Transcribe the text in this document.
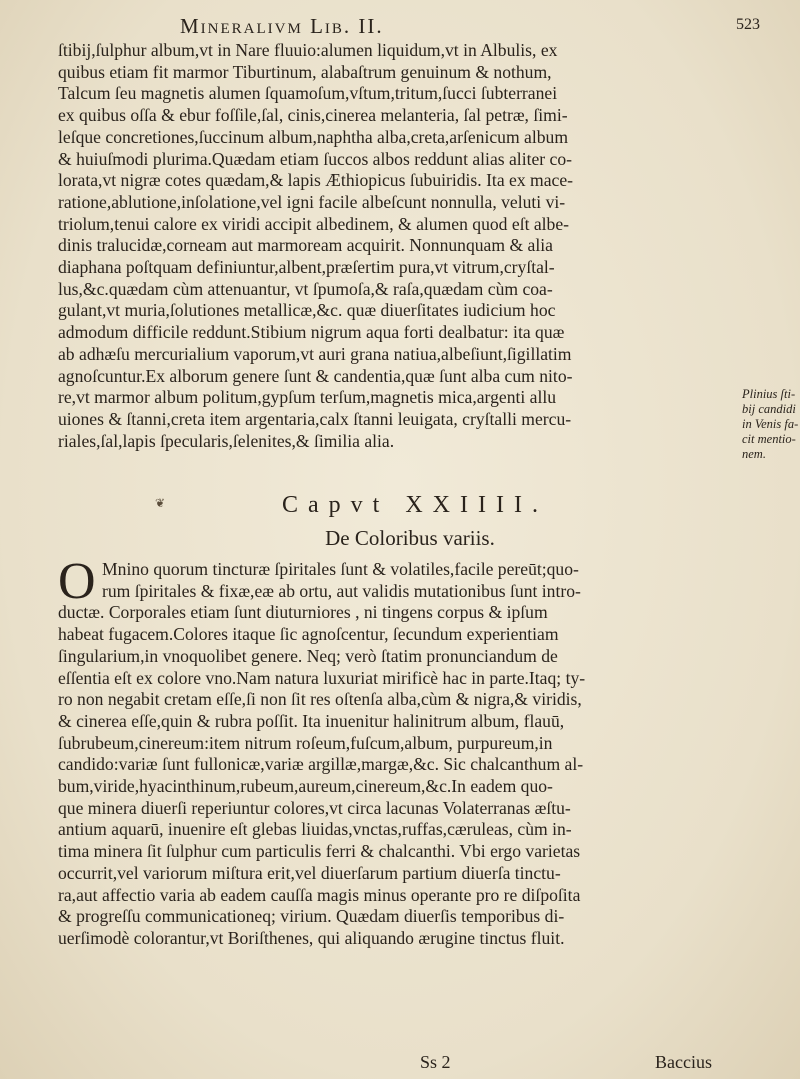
Mineralivm Lib. II.	523
ſtibij,ſulphur album,vt in Nare fluuio:alumen liquidum,vt in Albulis, ex
quibus etiam fit marmor Tiburtinum, alabaſtrum genuinum & nothum,
Talcum ſeu magnetis alumen ſquamoſum,vſtum,tritum,ſucci ſubterranei
ex quibus oſſa & ebur foſſile,ſal, cinis,cinerea melanteria, ſal petræ, ſimi-
leſque concretiones,ſuccinum album,naphtha alba,creta,arſenicum album
& huiuſmodi plurima.Quædam etiam ſuccos albos reddunt alias aliter co-
lorata,vt nigræ cotes quædam,& lapis Æthiopicus ſubuiridis. Ita ex mace-
ratione,ablutione,inſolatione,vel igni facile albeſcunt nonnulla, veluti vi-
triolum,tenui calore ex viridi accipit albedinem, & alumen quod eſt albe-
dinis tralucidæ,corneam aut marmoream acquirit. Nonnunquam & alia
diaphana poſtquam definiuntur,albent,præſertim pura,vt vitrum,cryſtal-
lus,&c.quædam cùm attenuantur, vt ſpumoſa,& raſa,quædam cùm coa-
gulant,vt muria,ſolutiones metallicæ,&c. quæ diuerſitates iudicium hoc
admodum difficile reddunt.Stibium nigrum aqua forti dealbatur: ita quæ
ab adhæſu mercurialium vaporum,vt auri grana natiua,albeſiunt,ſigillatim
agnoſcuntur.Ex alborum genere ſunt & candentia,quæ ſunt alba cum nito-
re,vt marmor album politum,gypſum terſum,magnetis mica,argenti allu
uiones & ſtanni,creta item argentaria,calx ſtanni leuigata, cryſtalli mercu-
riales,ſal,lapis ſpecularis,ſelenites,& ſimilia alia.
Plinius ſti-
bij candidi
in Venis fa-
cit mentio-
nem.
❦	Capvt XXIIII.
De Coloribus variis.
O Mnino quorum tincturæ ſpiritales ſunt & volatiles,facile pereūt;quo-
rum ſpiritales & fixæ,eæ ab ortu, aut validis mutationibus ſunt intro-
ductæ. Corporales etiam ſunt diuturniores , ni tingens corpus & ipſum
habeat fugacem.Colores itaque ſic agnoſcentur, ſecundum experientiam
ſingularium,in vnoquolibet genere. Neq; verò ſtatim pronunciandum de
eſſentia eſt ex colore vno.Nam natura luxuriat mirificè hac in parte.Itaq; ty-
ro non negabit cretam eſſe,ſi non ſit res oſtenſa alba,cùm & nigra,& viridis,
& cinerea eſſe,quin & rubra poſſit. Ita inuenitur halinitrum album, flauū,
ſubrubeum,cinereum:item nitrum roſeum,fuſcum,album, purpureum,in
candido:variæ ſunt fullonicæ,variæ argillæ,margæ,&c. Sic chalcanthum al-
bum,viride,hyacinthinum,rubeum,aureum,cinereum,&c.In eadem quo-
que minera diuerſi reperiuntur colores,vt circa lacunas Volaterranas æſtu-
antium aquarū, inuenire eſt glebas liuidas,vnctas,ruffas,cæruleas, cùm in-
tima minera ſit ſulphur cum particulis ferri & chalcanthi. Vbi ergo varietas
occurrit,vel variorum miſtura erit,vel diuerſarum partium diuerſa tinctu-
ra,aut affectio varia ab eadem cauſſa magis minus operante pro re diſpoſita
& progreſſu communicationeq; virium. Quædam diuerſis temporibus di-
uerſimodè colorantur,vt Boriſthenes, qui aliquando ærugine tinctus fluit.
Ss 2	Baccius
